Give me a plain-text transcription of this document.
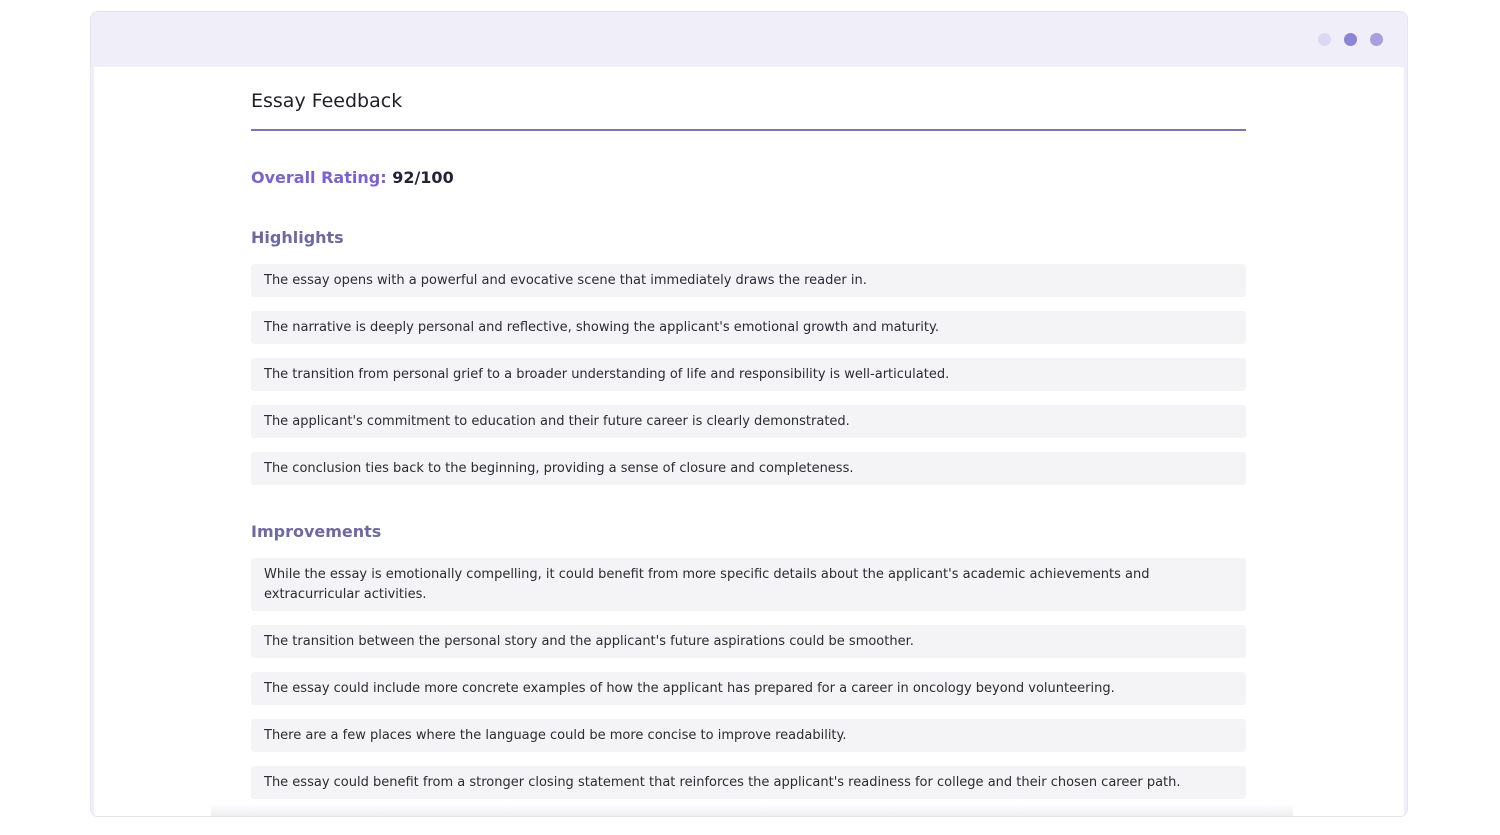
Essay Feedback
Overall Rating: 92/100
Highlights
The essay opens with a powerful and evocative scene that immediately draws the reader in.
The narrative is deeply personal and reflective, showing the applicant's emotional growth and maturity.
The transition from personal grief to a broader understanding of life and responsibility is well-articulated.
The applicant's commitment to education and their future career is clearly demonstrated.
The conclusion ties back to the beginning, providing a sense of closure and completeness.
Improvements
While the essay is emotionally compelling, it could benefit from more specific details about the applicant's academic achievements and extracurricular activities.
The transition between the personal story and the applicant's future aspirations could be smoother.
The essay could include more concrete examples of how the applicant has prepared for a career in oncology beyond volunteering.
There are a few places where the language could be more concise to improve readability.
The essay could benefit from a stronger closing statement that reinforces the applicant's readiness for college and their chosen career path.
